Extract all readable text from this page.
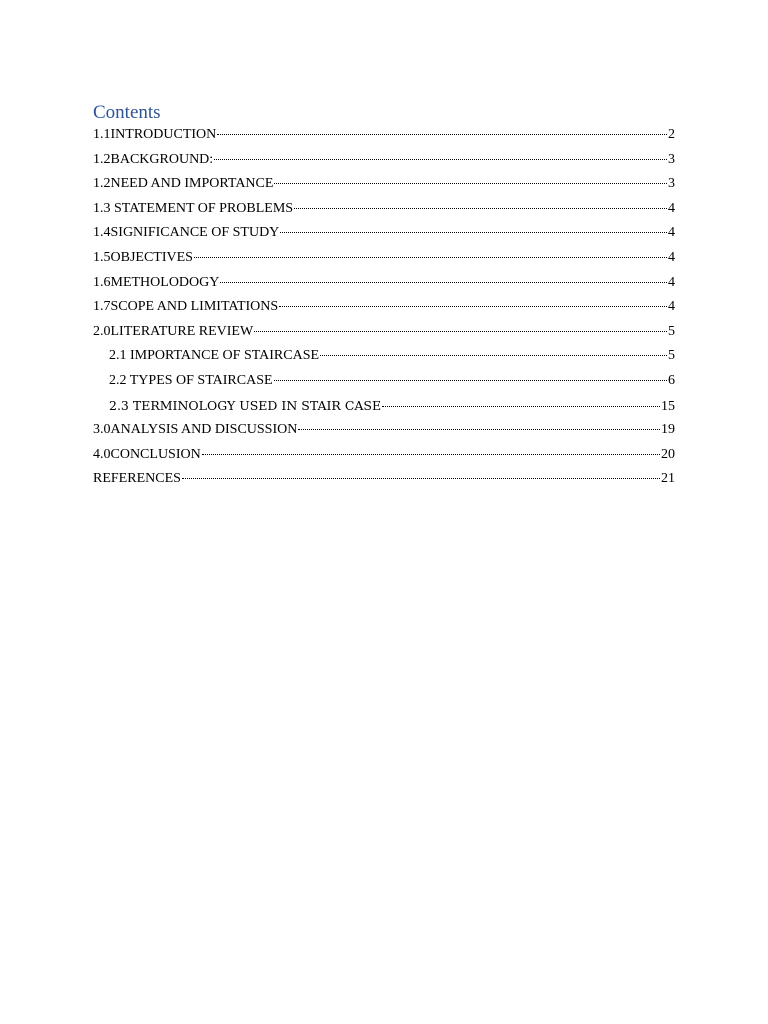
Contents
1.1INTRODUCTION	2
1.2BACKGROUND:	3
1.2NEED AND IMPORTANCE	3
1.3 STATEMENT OF PROBLEMS	4
1.4SIGNIFICANCE OF STUDY	4
1.5OBJECTIVES	4
1.6METHOLODOGY	4
1.7SCOPE AND LIMITATIONS	4
2.0LITERATURE REVIEW	5
2.1 IMPORTANCE OF STAIRCASE	5
2.2 TYPES OF STAIRCASE	6
2.3 TERMINOLOGY USED IN STAIR CASE	15
3.0ANALYSIS AND DISCUSSION	19
4.0CONCLUSION	20
REFERENCES	21
